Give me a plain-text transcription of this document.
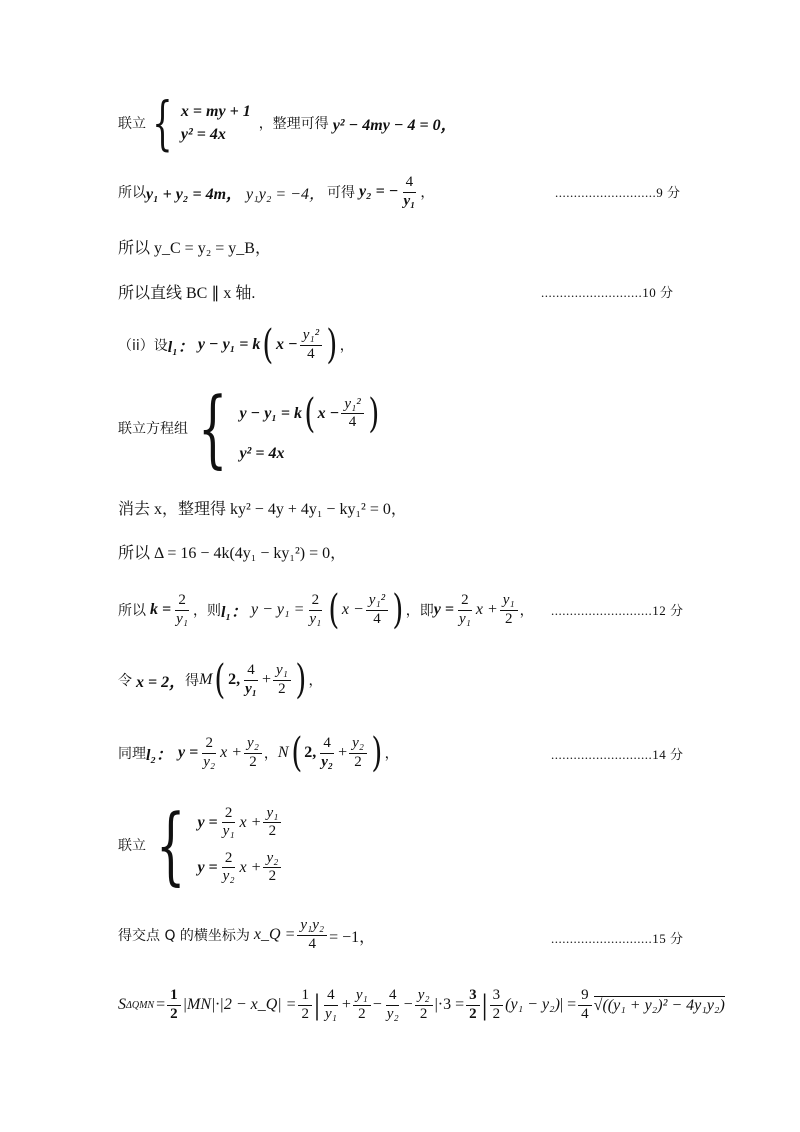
联立 { x = my + 1
y² = 4x
，整理可得 y² − 4my − 4 = 0，
所以 y₁ + y₂ = 4m， y₁y₂ = −4， 可得 y₂ = − $\frac{4}{\text{y₁}}$ ，	...........................9 分
所以 y_C = y₂ = y_B，
所以直线 BC ∥ x 轴.	...........................10 分
（ii）设 l₁： y − y₁ = k ( $x - \frac{\text{y₁²}}{4}$ ) ，
联立方程组 { y − y₁ = k ( $x - \frac{\text{y₁²}}{4}$ )
y² = 4x
消去 x，整理得 ky² − 4y + 4y₁ − ky₁² = 0，
所以 Δ = 16 − 4k(4y₁ − ky₁²) = 0，
所以 $k = \frac{2}{\text{y₁}}$ ，则 l₁： $y - y_1 = \frac{2}{\text{y₁}}$ ( $x - \frac{\text{y₁²}}{4}$ ) ，即 $y = \frac{2}{\text{y₁}}$ $x + \frac{\text{y₁}}{2}$ ， ...........................12 分
令 x = 2， 得 M ( 2, $\frac{4}{\text{y₁}} + \frac{\text{y₁}}{2}$ ) ，
同理 l₂： $y = \frac{2}{\text{y₂}}$ $x + \frac{\text{y₂}}{2}$ ， N ( 2, $\frac{4}{\text{y₂}} + \frac{\text{y₂}}{2}$ ) ，	...........................14 分
联立 { $y = \frac{2}{\text{y₁}}$ $x + \frac{\text{y₁}}{2}$
$y = \frac{2}{\text{y₂}}$ $x + \frac{\text{y₂}}{2}$
得交点 Q 的横坐标为 x_Q = $\frac{\text{y₁y₂}}{4} = -1$，	...........................15 分
S $\Delta QMN = \frac{1}{2} |MN|\cdot|2$ − x_Q| = $\frac{1}{2}$ | $\frac{4}{\text{y₁}} + \frac{\text{y₁}}{2} - \frac{4}{\text{y₂}} - \frac{\text{y₂}}{2} |\cdot 3 = \frac{3}{2}$ | $\frac{3}{2} (y_1 - y_2)$ | = $\frac{9}{4} √((y_1 + y_2)^2 - 4y_1y_2)$
